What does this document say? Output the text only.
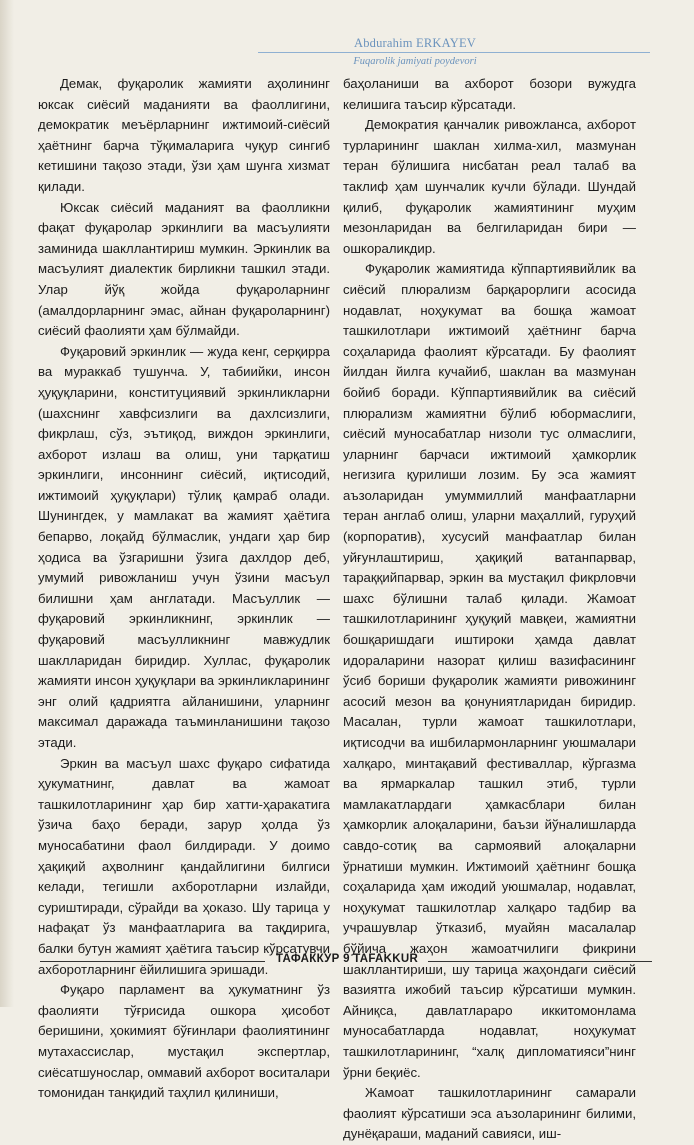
Abdurahim ERKAYEV
Fuqarolik jamiyati poydevori

Демак, фуқаролик жамияти аҳолининг юксак сиёсий маданияти ва фаоллигини, демократик меъёрларнинг ижтимоий-сиёсий ҳаётнинг барча тўқималарига чуқур сингиб кетишини тақозо этади, ўзи ҳам шунга хизмат қилади.

Юксак сиёсий маданият ва фаолликни фақат фуқаролар эркинлиги ва масъулияти заминида шакллантириш мумкин. Эркинлик ва масъулият диалектик бирликни ташкил этади. Улар йўқ жойда фуқароларнинг (амалдорларнинг эмас, айнан фуқароларнинг) сиёсий фаолияти ҳам бўлмайди.

Фуқаровий эркинлик — жуда кенг, серқирра ва мураккаб тушунча. У, табиийки, инсон ҳуқуқларини, конституциявий эркинликларни (шахснинг хавфсизлиги ва дахлсизлиги, фикрлаш, сўз, эътиқод, виждон эркинлиги, ахборот излаш ва олиш, уни тарқатиш эркинлиги, инсоннинг сиёсий, иқтисодий, ижтимоий ҳуқуқлари) тўлиқ қамраб олади. Шунингдек, у мамлакат ва жамият ҳаётига бепарво, лоқайд бўлмаслик, ундаги ҳар бир ҳодиса ва ўзгаришни ўзига дахлдор деб, умумий ривожланиш учун ўзини масъул билишни ҳам англатади. Масъуллик — фуқаровий эркинликнинг, эркинлик — фуқаровий масъулликнинг мавжудлик шакллaридан биридир. Хуллас, фуқаролик жамияти инсон ҳуқуқлари ва эркинликларининг энг олий қадриятга айланишини, уларнинг максимал даражада таъминланишини тақозо этади.

Эркин ва масъул шахс фуқаро сифатида ҳукуматнинг, давлат ва жамоат ташкилотларининг ҳар бир хатти-ҳаракатига ўзича баҳо беради, зарур ҳолда ўз муносабатини фаол билдиради. У доимо ҳақиқий аҳволнинг қандайлигини билгиси келади, тегишли ахборотларни излайди, суриштиради, сўрайди ва ҳоказо. Шу тарица у нафақат ўз манфаатларига ва тақдирига, балки бутун жамият ҳаётига таъсир кўрсатувчи ахборотларнинг ёйилишига эришади.

Фуқаро парламент ва ҳукуматнинг ўз фаолияти тўғрисида ошкора ҳисобот беришини, ҳокимият бўғинлари фаолиятининг мутахассислар, мустақил экспертлар, сиёсатшунослар, оммавий ахборот воситалари томонидан танқидий таҳлил қилиниши,

баҳоланиши ва ахборот бозори вужудга келишига таъсир кўрсатади.

Демократия қанчалик ривожланса, ахборот турларининг шаклан хилма-хил, мазмунан теран бўлишига нисбатан реал талаб ва таклиф ҳам шунчалик кучли бўлади. Шундай қилиб, фуқаролик жамиятининг муҳим мезонларидан ва белгиларидан бири — ошкораликдир.

Фуқаролик жамиятида кўппартиявийлик ва сиёсий плюрализм барқарорлиги асосида нодавлат, ноҳукумат ва бошқа жамоат ташкилотлари ижтимоий ҳаётнинг барча соҳаларида фаолият кўрсатади. Бу фаолият йилдан йилга кучайиб, шаклан ва мазмунан бойиб боради. Кўппартиявийлик ва сиёсий плюрализм жамиятни бўлиб юбормаслиги, сиёсий муносабатлар низоли тус олмаслиги, уларнинг барчаси ижтимоий ҳамкорлик негизига қурилиши лозим. Бу эса жамият аъзоларидан умуммиллий манфаатларни теран англаб олиш, уларни маҳаллий, гуруҳий (корпоратив), хусусий манфаатлар билан уйғунлаштириш, ҳақиқий ватанпарвар, тараққийпарвар, эркин ва мустақил фикрловчи шахс бўлишни талаб қилади. Жамоат ташкилотларининг ҳуқуқий мавқеи, жамиятни бошқаришдаги иштироки ҳамда давлат идораларини назорат қилиш вазифасининг ўсиб бориши фуқаролик жамияти ривожининг асосий мезон ва қонуниятларидан биридир. Масалан, турли жамоат ташкилотлари, иқтисодчи ва ишбилармонларнинг уюшмалари халқаро, минтақавий фестиваллар, кўргазма ва ярмаркалар ташкил этиб, турли мамлакатлардаги ҳамкасблари билан ҳамкорлик алоқаларини, баъзи йўналишларда савдо-сотиқ ва сармоявий алоқаларни ўрнатиши мумкин. Ижтимоий ҳаётнинг бошқа соҳаларида ҳам ижодий уюшмалар, нодавлат, ноҳукумат ташкилотлар халқаро тадбир ва учрашувлар ўтказиб, муайян масалалар бўйича жаҳон жамоатчилиги фикрини шакллантириши, шу тарица жаҳондаги сиёсий вазиятга ижобий таъсир кўрсатиши мумкин. Айниқса, давлатлараро иккитомонлама муносабатларда нодавлат, ноҳукумат ташкилотларининг, “халқ дипломатияси”нинг ўрни беқиёс.

Жамоат ташкилотларининг самарали фаолият кўрсатиши эса аъзоларининг билими, дунёқараши, маданий савияси, иш-

ТАФАККУР 9 TAFAKKUR
